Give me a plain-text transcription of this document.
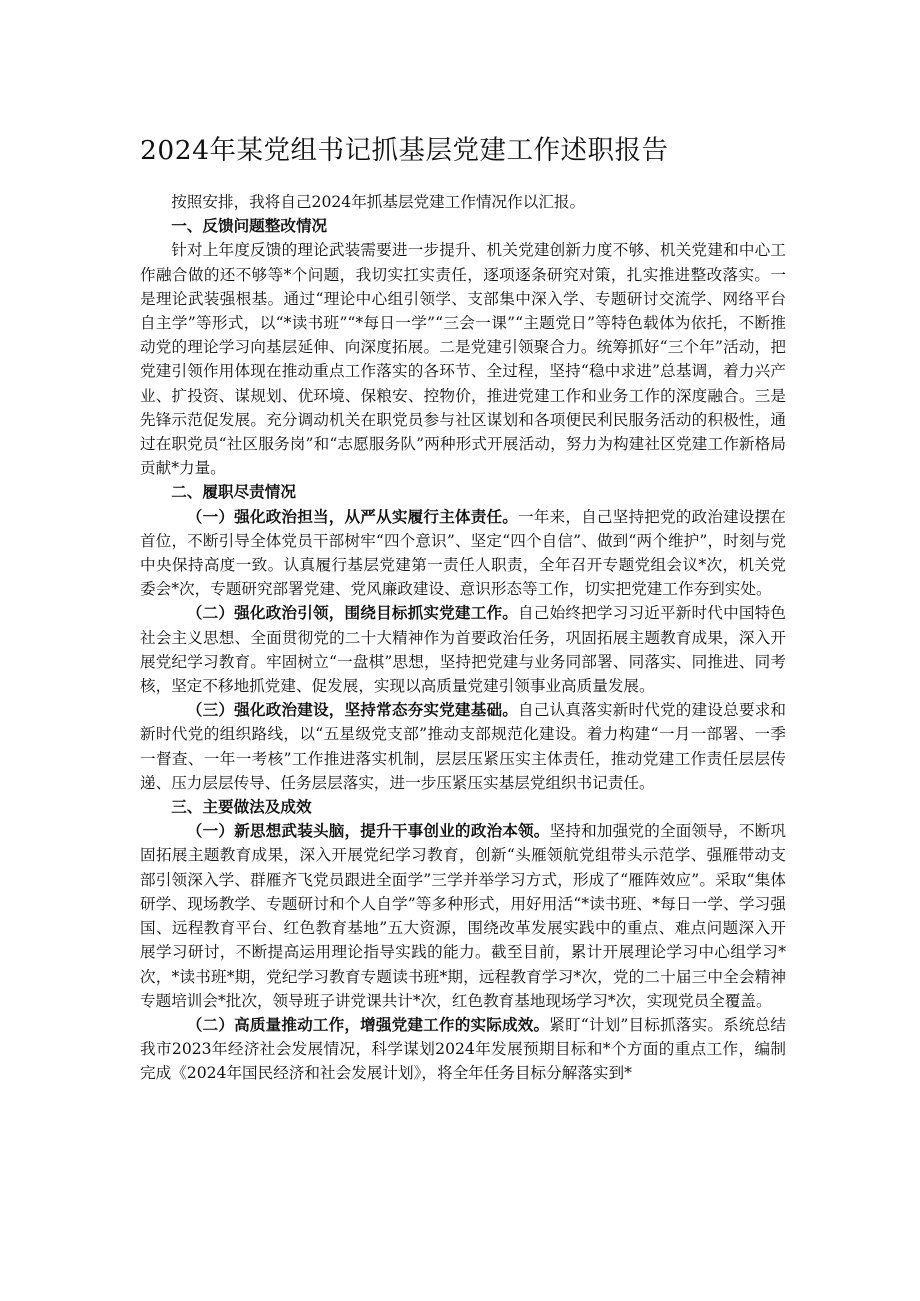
2024年某党组书记抓基层党建工作述职报告

按照安排，我将自己2024年抓基层党建工作情况作以汇报。

一、反馈问题整改情况

针对上年度反馈的理论武装需要进一步提升、机关党建创新力度不够、机关党建和中心工作融合做的还不够等*个问题，我切实扛实责任，逐项逐条研究对策，扎实推进整改落实。一是理论武装强根基。通过“理论中心组引领学、支部集中深入学、专题研讨交流学、网络平台自主学”等形式，以“*读书班”“*每日一学”“三会一课”“主题党日”等特色载体为依托，不断推动党的理论学习向基层延伸、向深度拓展。二是党建引领聚合力。统筹抓好“三个年”活动，把党建引领作用体现在推动重点工作落实的各环节、全过程，坚持“稳中求进”总基调，着力兴产业、扩投资、谋规划、优环境、保粮安、控物价，推进党建工作和业务工作的深度融合。三是先锋示范促发展。充分调动机关在职党员参与社区谋划和各项便民利民服务活动的积极性，通过在职党员“社区服务岗”和“志愿服务队”两种形式开展活动，努力为构建社区党建工作新格局贡献*力量。

二、履职尽责情况

（一）强化政治担当，从严从实履行主体责任。一年来，自己坚持把党的政治建设摆在首位，不断引导全体党员干部树牢“四个意识”、坚定“四个自信”、做到“两个维护”，时刻与党中央保持高度一致。认真履行基层党建第一责任人职责，全年召开专题党组会议*次，机关党委会*次，专题研究部署党建、党风廉政建设、意识形态等工作，切实把党建工作夯到实处。

（二）强化政治引领，围绕目标抓实党建工作。自己始终把学习习近平新时代中国特色社会主义思想、全面贯彻党的二十大精神作为首要政治任务，巩固拓展主题教育成果，深入开展党纪学习教育。牢固树立“一盘棋”思想，坚持把党建与业务同部署、同落实、同推进、同考核，坚定不移地抓党建、促发展，实现以高质量党建引领事业高质量发展。

（三）强化政治建设，坚持常态夯实党建基础。自己认真落实新时代党的建设总要求和新时代党的组织路线，以“五星级党支部”推动支部规范化建设。着力构建“一月一部署、一季一督查、一年一考核”工作推进落实机制，层层压紧压实主体责任，推动党建工作责任层层传递、压力层层传导、任务层层落实，进一步压紧压实基层党组织书记责任。

三、主要做法及成效

（一）新思想武装头脑，提升干事创业的政治本领。坚持和加强党的全面领导，不断巩固拓展主题教育成果，深入开展党纪学习教育，创新“头雁领航党组带头示范学、强雁带动支部引领深入学、群雁齐飞党员跟进全面学”三学并举学习方式，形成了“雁阵效应”。采取“集体研学、现场教学、专题研讨和个人自学”等多种形式，用好用活“*读书班、*每日一学、学习强国、远程教育平台、红色教育基地”五大资源，围绕改革发展实践中的重点、难点问题深入开展学习研讨，不断提高运用理论指导实践的能力。截至目前，累计开展理论学习中心组学习*次，*读书班*期，党纪学习教育专题读书班*期，远程教育学习*次，党的二十届三中全会精神专题培训会*批次，领导班子讲党课共计*次，红色教育基地现场学习*次，实现党员全覆盖。

（二）高质量推动工作，增强党建工作的实际成效。紧盯“计划”目标抓落实。系统总结我市2023年经济社会发展情况，科学谋划2024年发展预期目标和*个方面的重点工作，编制完成《2024年国民经济和社会发展计划》，将全年任务目标分解落实到*
